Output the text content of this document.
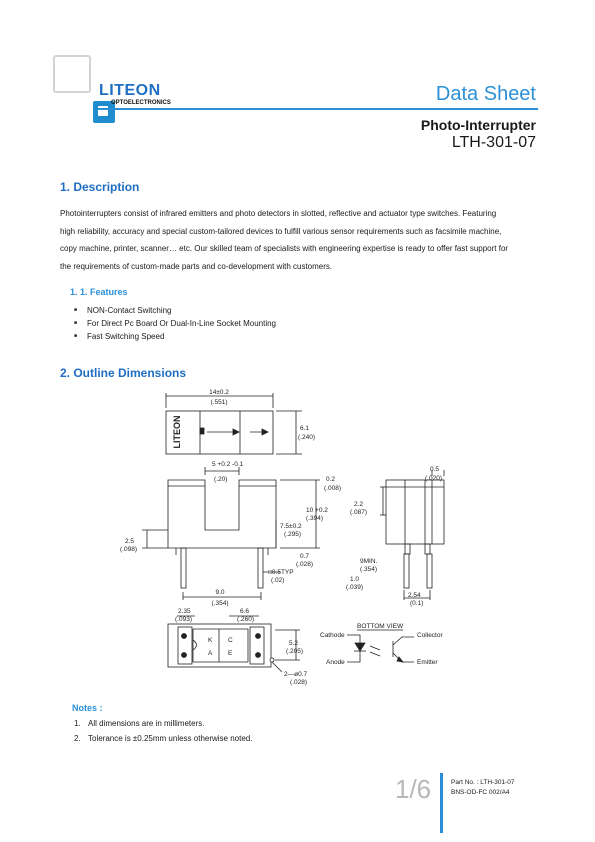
LITEON
OPTOELECTRONICS	Data Sheet
Photo-Interrupter
LTH-301-07
1. Description
Photointerrupters consist of infrared emitters and photo detectors in slotted, reflective and actuator type switches. Featuring
high reliability, accuracy and special custom-tailored devices to fulfill various sensor requirements such as facsimile machine,
copy machine, printer, scanner… etc. Our skilled team of specialists with engineering expertise is ready to offer fast support for
the requirements of custom-made parts and co-development with customers.
1. 1. Features
■ NON-Contact Switching
■ For Direct Pc Board Or Dual-In-Line Socket Mounting
■ Fast Switching Speed
2. Outline Dimensions
LITEON
14±0.2
(.551)
6.1
(.240)
5 +0.2 -0.1
(.20)	0.2
(.008)
10 +0.2
(.394)
7.5±0.2
(.295)
2.5
(.098)
0.7
(.028)
□0.5TYP
(.02)
9.0
(.354)
0.5
(.020)
2.2
(.087)
9MIN.
(.354)
1.0
(.039)
2.54
(0.1)
K C
A E
2.35
(.093)
6.6
(.260)
5.2
(.205)
2—ø0.7
(.028)
BOTTOM VIEW
Cathode
Anode
Collector
Emitter
Notes :
1. All dimensions are in millimeters.
2. Tolerance is ±0.25mm unless otherwise noted.
1/6	Part No. : LTH-301-07
BNS-OD-FC 002/A4
